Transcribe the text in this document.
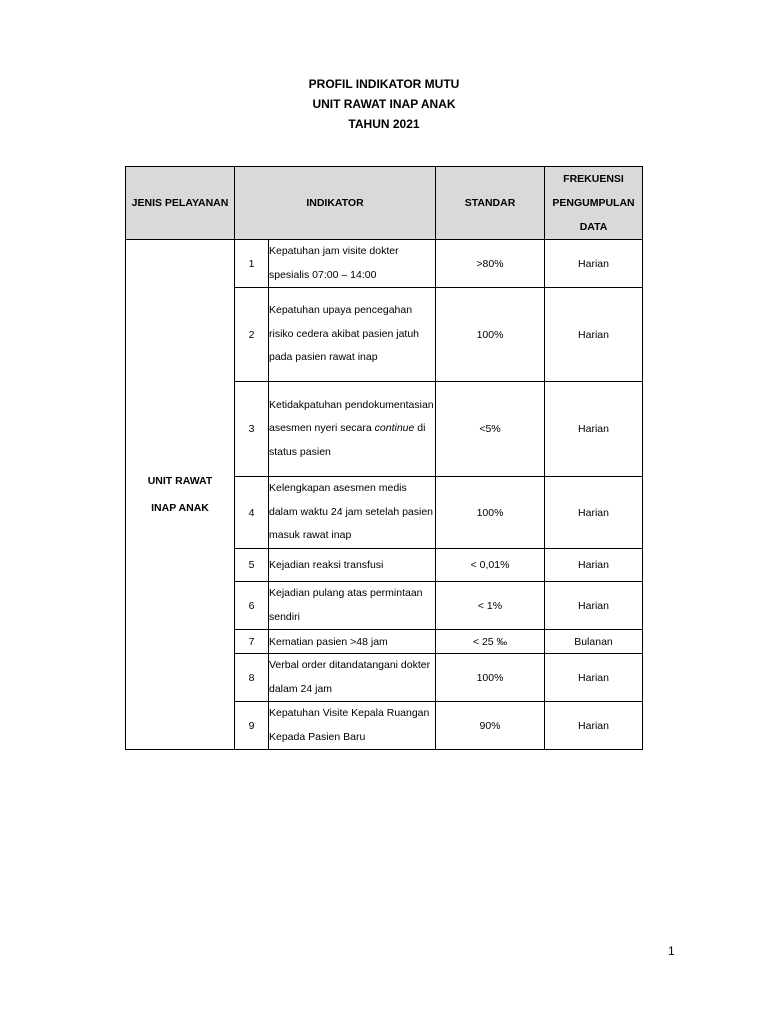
PROFIL INDIKATOR MUTU
UNIT RAWAT INAP ANAK
TAHUN 2021
JENIS PELAYANAN	INDIKATOR		STANDAR	FREKUENSI
PENGUMPULAN
DATA

UNIT RAWAT
INAP ANAK	1	Kepatuhan jam visite dokter spesialis 07:00 – 14:00	>80%	Harian
	2	Kepatuhan upaya pencegahan risiko cedera akibat pasien jatuh pada pasien rawat inap	100%	Harian
	3	Ketidakpatuhan pendokumentasian asesmen nyeri secara continue di status pasien	<5%	Harian
	4	Kelengkapan asesmen medis dalam waktu 24 jam setelah pasien masuk rawat inap	100%	Harian
	5	Kejadian reaksi transfusi	< 0,01%	Harian
	6	Kejadian pulang atas permintaan sendiri	< 1%	Harian
	7	Kematian pasien >48 jam	< 25 ‰	Bulanan
	8	Verbal order ditandatangani dokter dalam 24 jam	100%	Harian
	9	Kepatuhan Visite Kepala Ruangan Kepada Pasien Baru	90%	Harian
1
